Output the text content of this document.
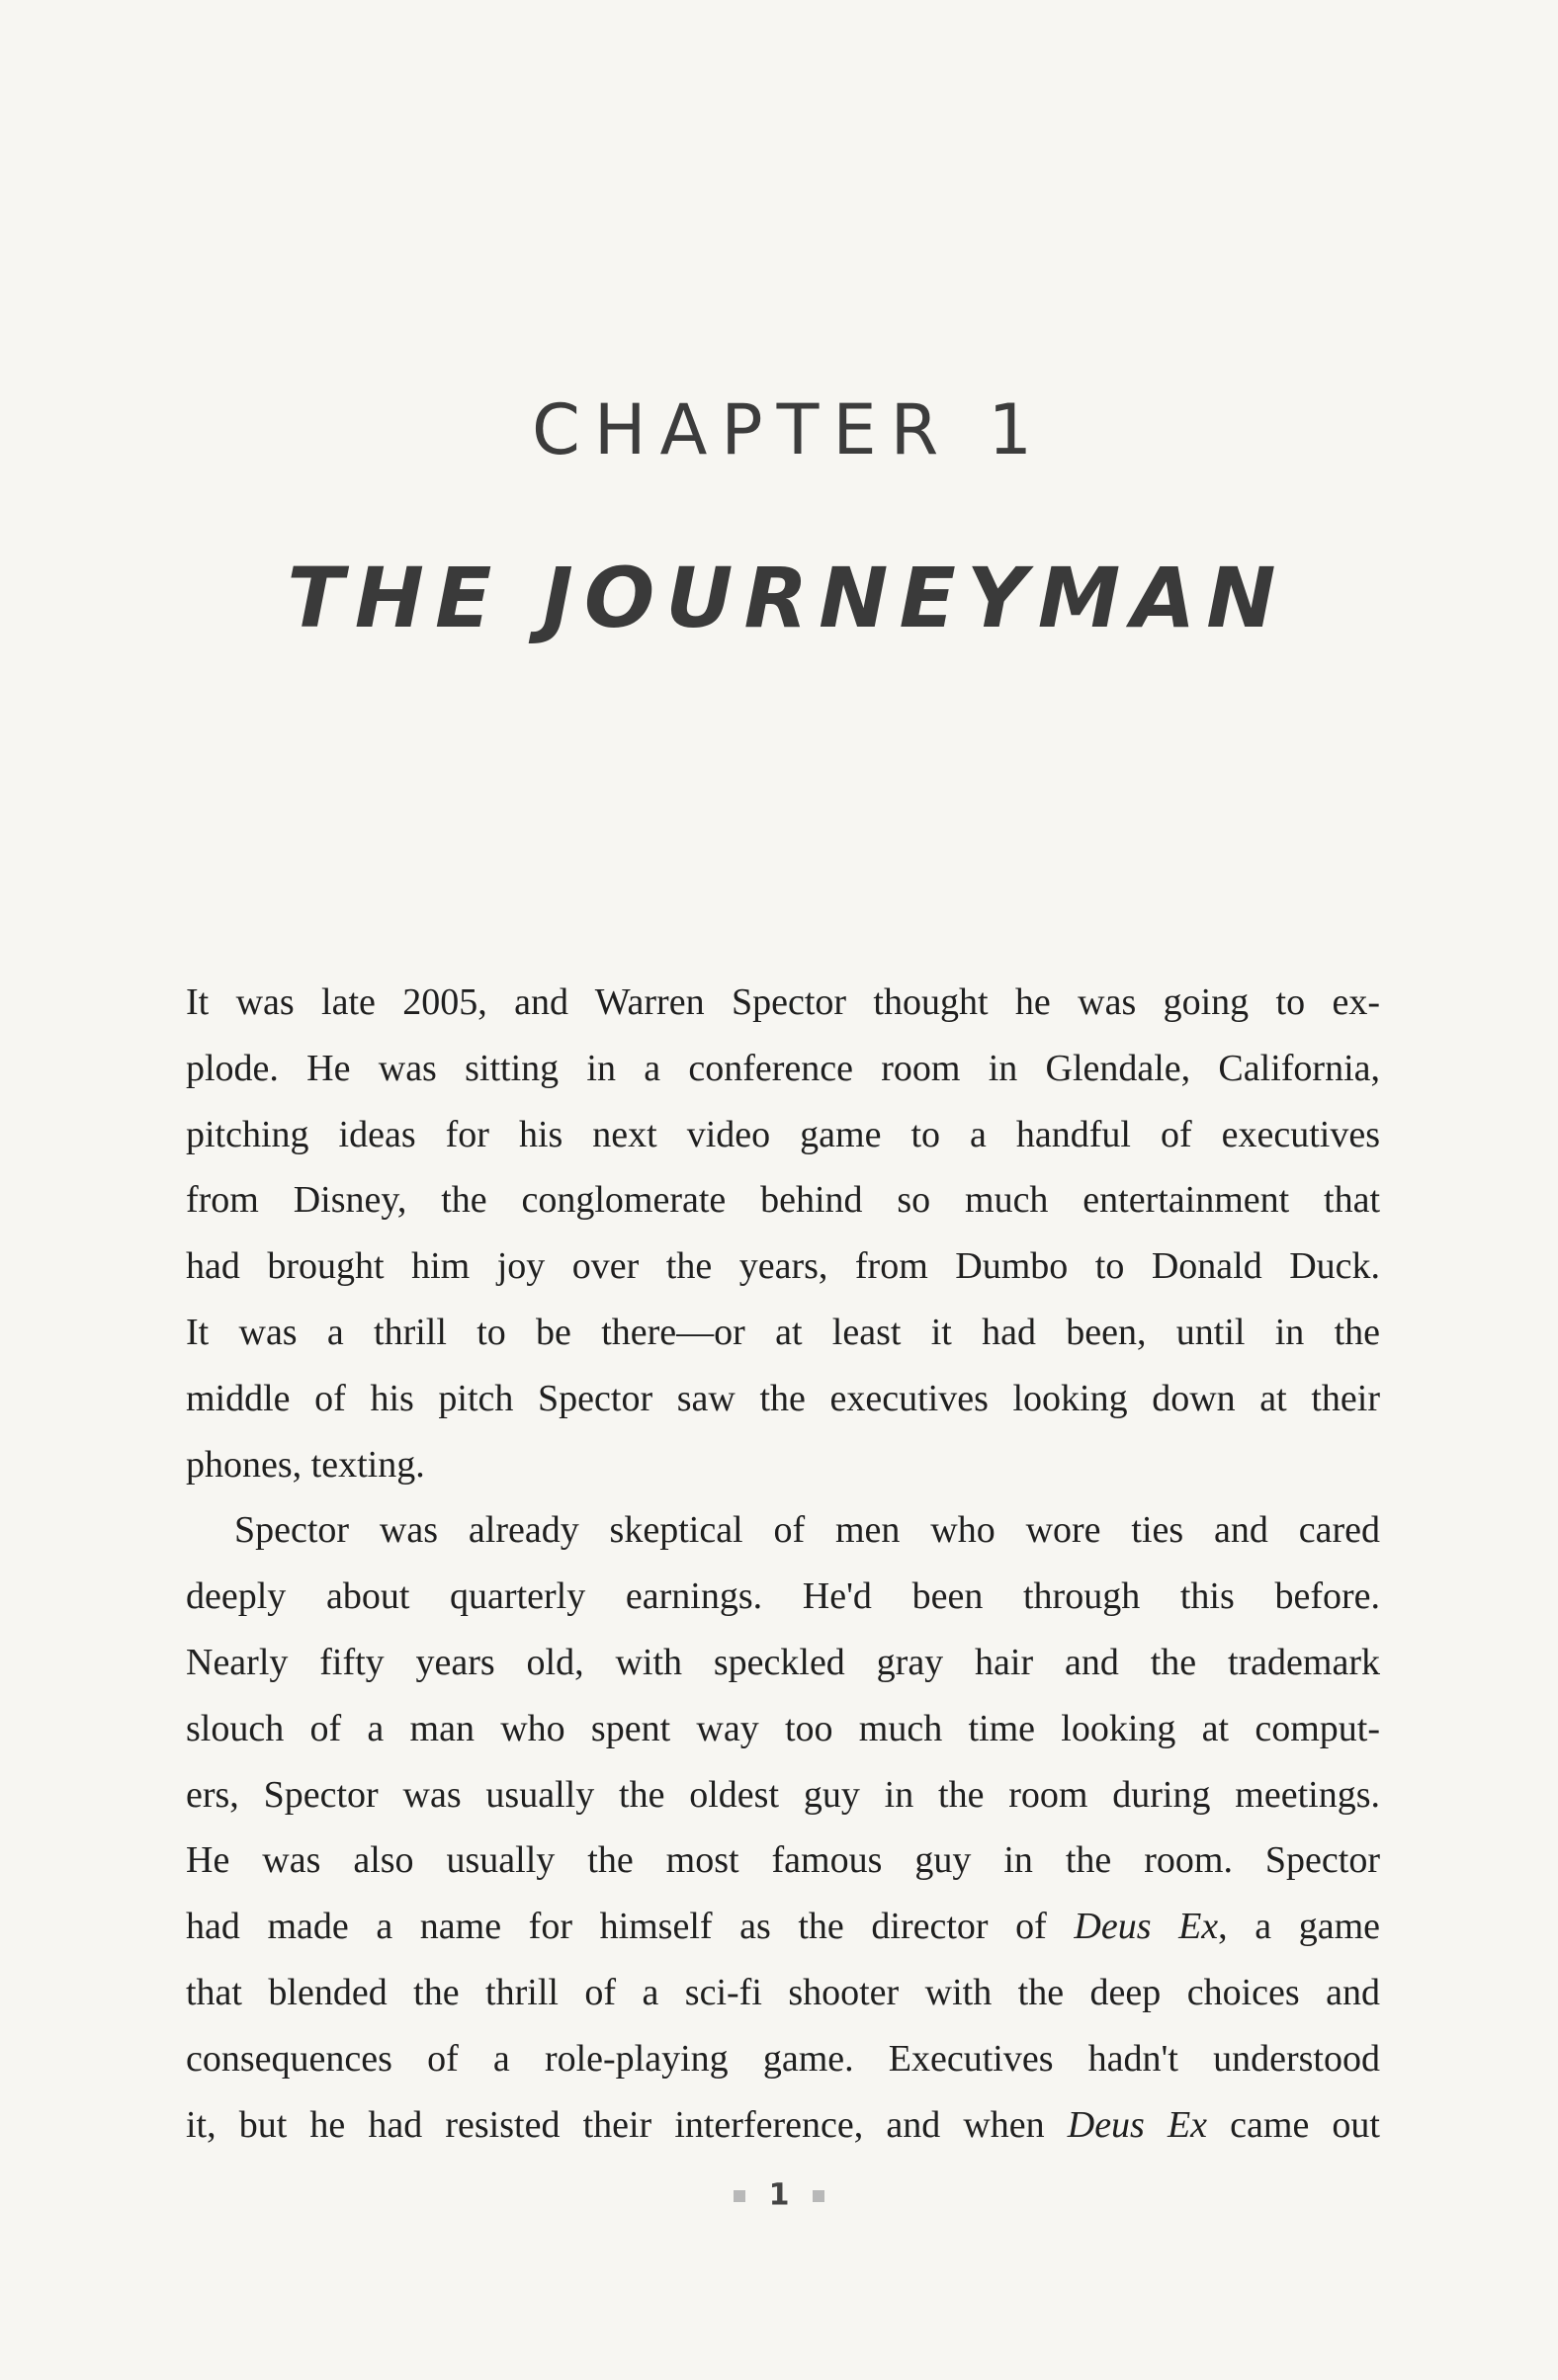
CHAPTER 1
THE JOURNEYMAN
It was late 2005, and Warren Spector thought he was going to ex-
plode. He was sitting in a conference room in Glendale, California,
pitching ideas for his next video game to a handful of executives
from Disney, the conglomerate behind so much entertainment that
had brought him joy over the years, from Dumbo to Donald Duck.
It was a thrill to be there—or at least it had been, until in the
middle of his pitch Spector saw the executives looking down at their
phones, texting.
Spector was already skeptical of men who wore ties and cared
deeply about quarterly earnings. He'd been through this before.
Nearly fifty years old, with speckled gray hair and the trademark
slouch of a man who spent way too much time looking at comput-
ers, Spector was usually the oldest guy in the room during meetings.
He was also usually the most famous guy in the room. Spector
had made a name for himself as the director of Deus Ex, a game
that blended the thrill of a sci-fi shooter with the deep choices and
consequences of a role-playing game. Executives hadn't understood
it, but he had resisted their interference, and when Deus Ex came out
1
